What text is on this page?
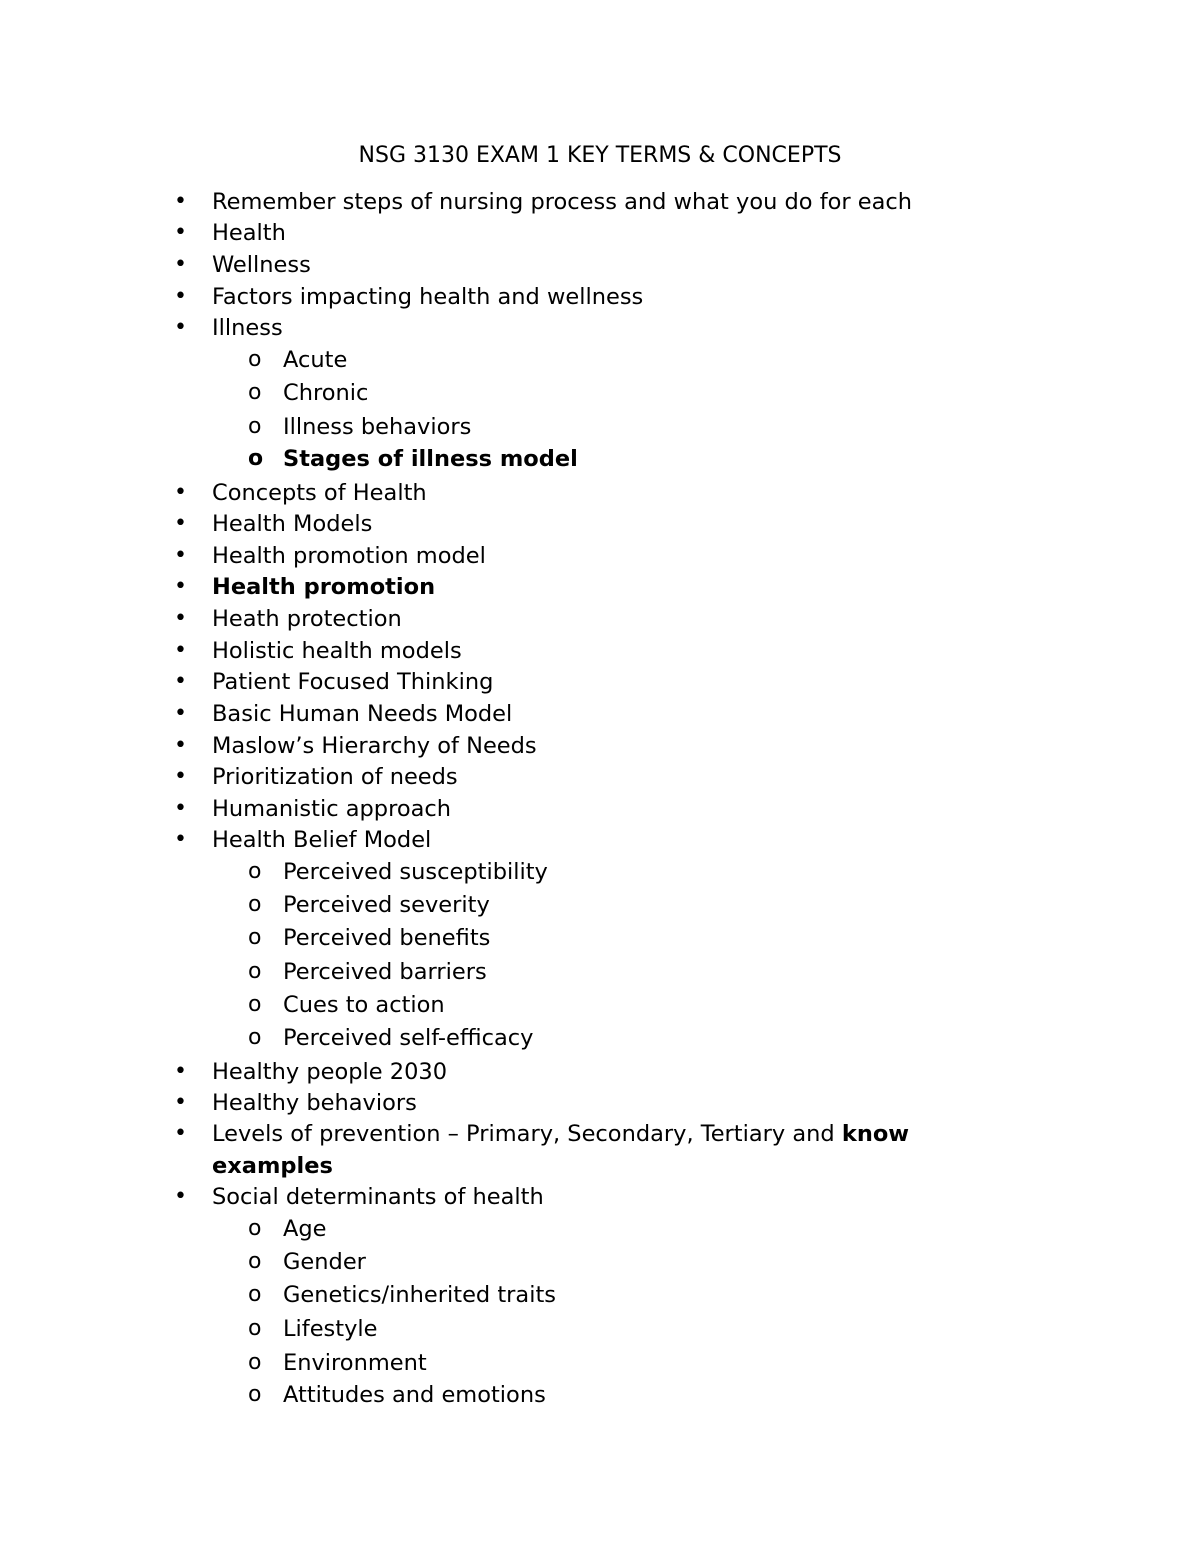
NSG 3130 EXAM 1 KEY TERMS & CONCEPTS
• Remember steps of nursing process and what you do for each
• Health
• Wellness
• Factors impacting health and wellness
• Illness
o Acute
o Chronic
o Illness behaviors
o Stages of illness model
• Concepts of Health
• Health Models
• Health promotion model
• Health promotion
• Heath protection
• Holistic health models
• Patient Focused Thinking
• Basic Human Needs Model
• Maslow’s Hierarchy of Needs
• Prioritization of needs
• Humanistic approach
• Health Belief Model
o Perceived susceptibility
o Perceived severity
o Perceived benefits
o Perceived barriers
o Cues to action
o Perceived self-efficacy
• Healthy people 2030
• Healthy behaviors
• Levels of prevention – Primary, Secondary, Tertiary and know
examples
• Social determinants of health
o Age
o Gender
o Genetics/inherited traits
o Lifestyle
o Environment
o Attitudes and emotions
